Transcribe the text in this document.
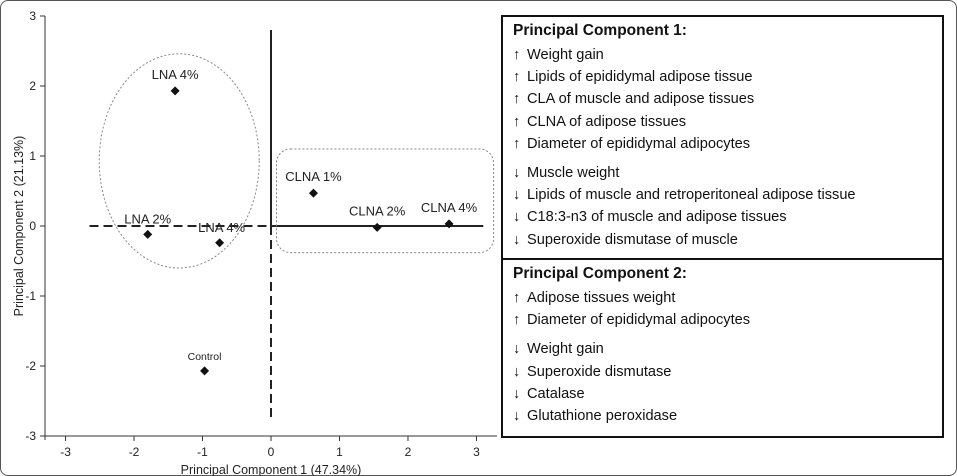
-3
-2
-1
0
1
2
3
-3	-2	-1	0	1	2	3
Principal Component 1 (47.34%)
Principal Component 2 (21.13%)
LNA 4%
LNA 2%
LNA 4%
CLNA 1%
CLNA 2% CLNA 4%
Control
Principal Component 1:
↑ Weight gain
↑ Lipids of epididymal adipose tissue
↑ CLA of muscle and adipose tissues
↑ CLNA of adipose tissues
↑ Diameter of epididymal adipocytes
↓ Muscle weight
↓ Lipids of muscle and retroperitoneal adipose tissue
↓ C18:3-n3 of muscle and adipose tissues
↓ Superoxide dismutase of muscle
Principal Component 2:
↑ Adipose tissues weight
↑ Diameter of epididymal adipocytes
↓ Weight gain
↓ Superoxide dismutase
↓ Catalase
↓ Glutathione peroxidase
